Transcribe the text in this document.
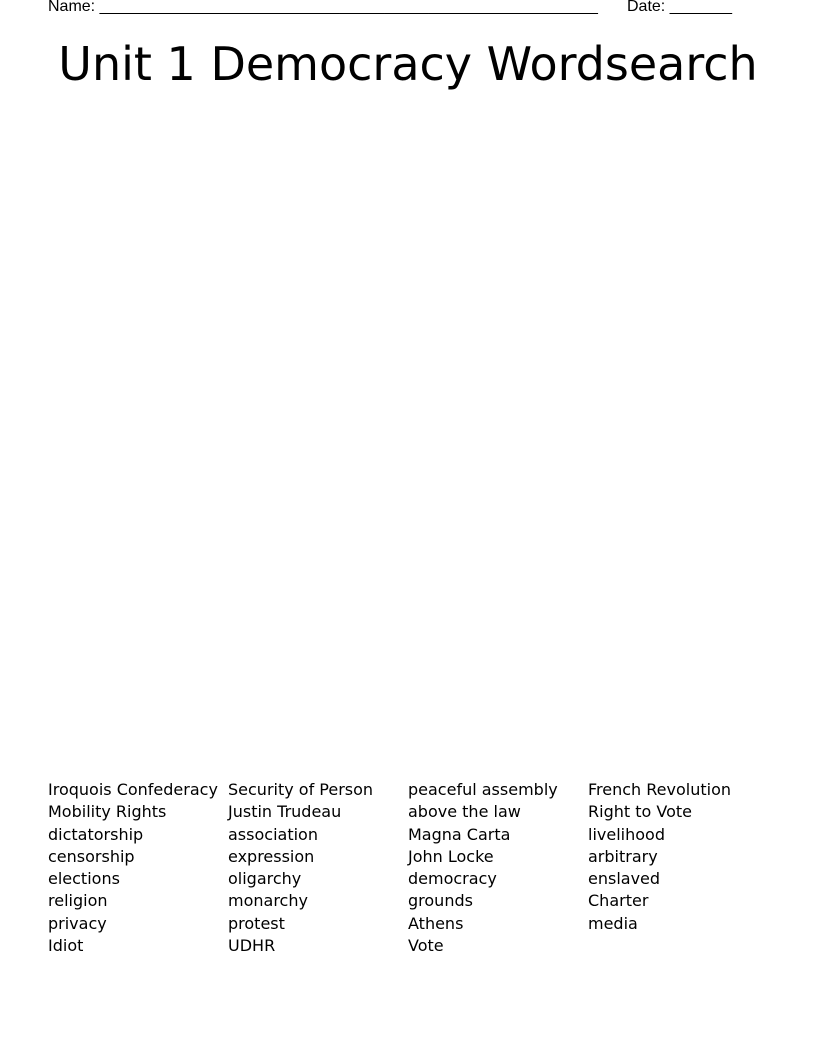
Name: ________________________________________________________ Date: _______
Unit 1 Democracy Wordsearch
Iroquois Confederacy
Mobility Rights
dictatorship
censorship
elections
religion
privacy
Idiot
Security of Person
Justin Trudeau
association
expression
oligarchy
monarchy
protest
UDHR
peaceful assembly
above the law
Magna Carta
John Locke
democracy
grounds
Athens
Vote
French Revolution
Right to Vote
livelihood
arbitrary
enslaved
Charter
media
